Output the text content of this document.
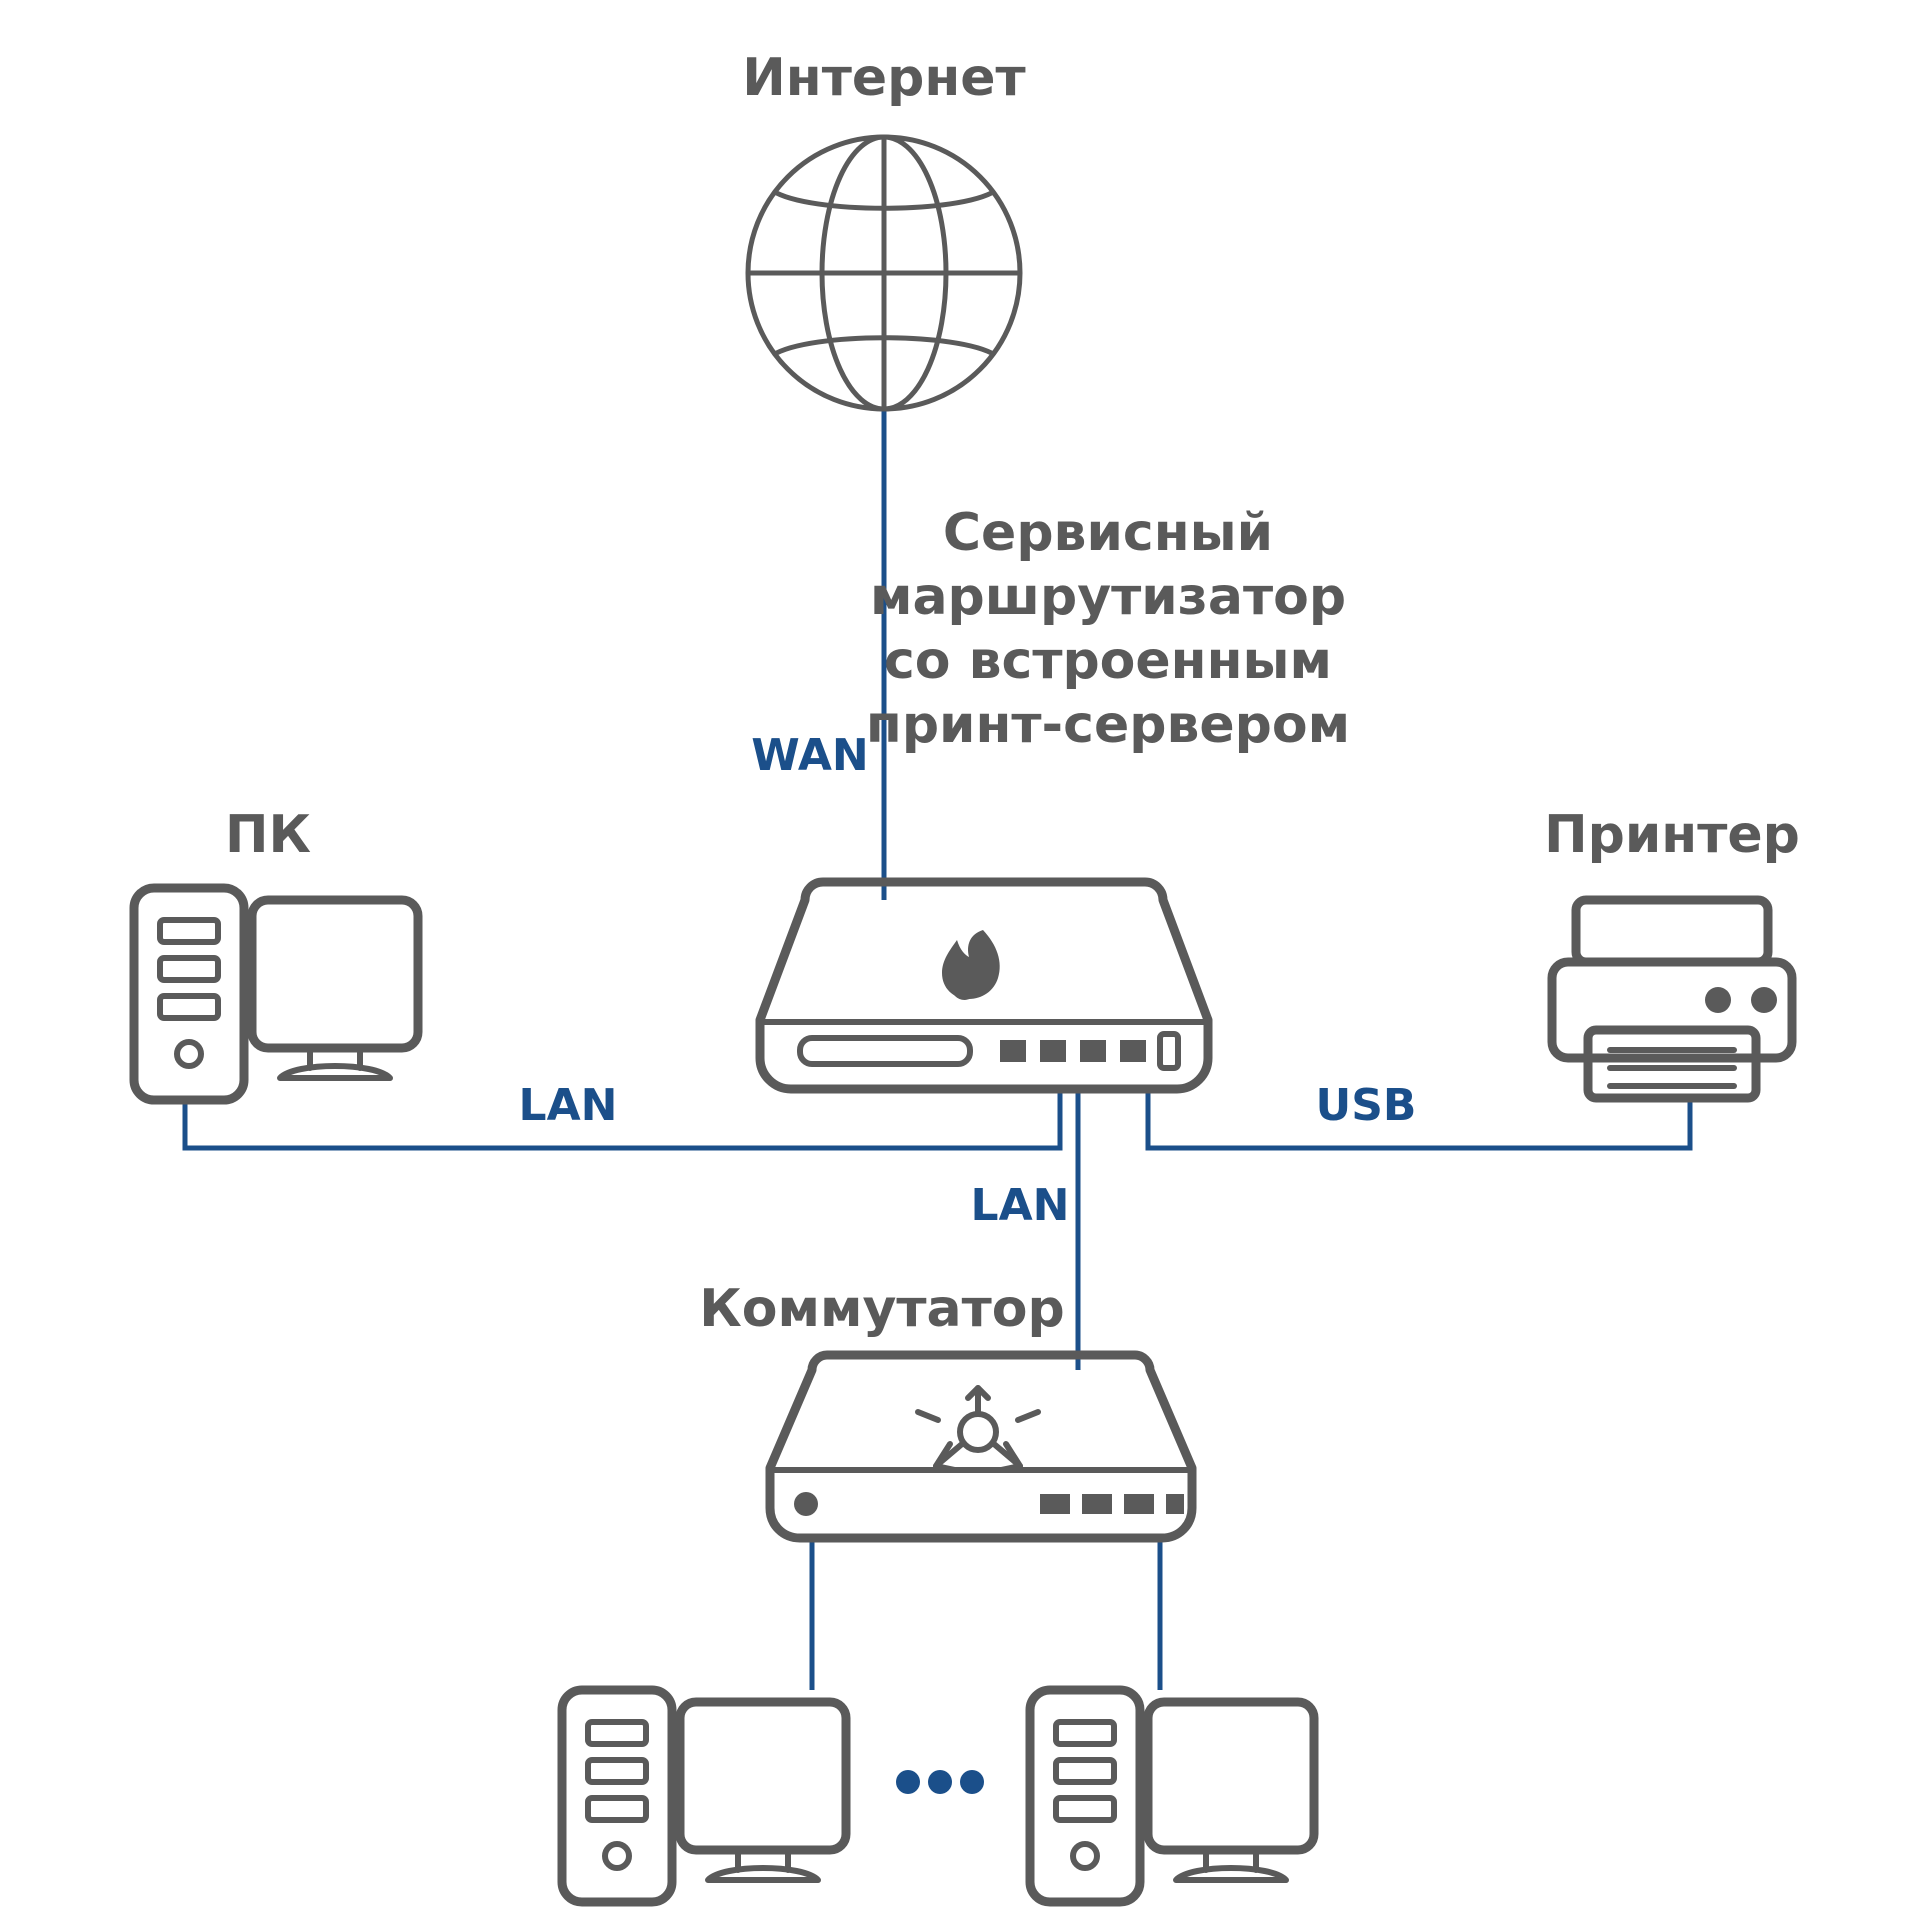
Интернет
Сервисный
маршрутизатор
со встроенным
принт-сервером
WAN
ПК
LAN
Принтер
USB
Коммутатор
LAN
